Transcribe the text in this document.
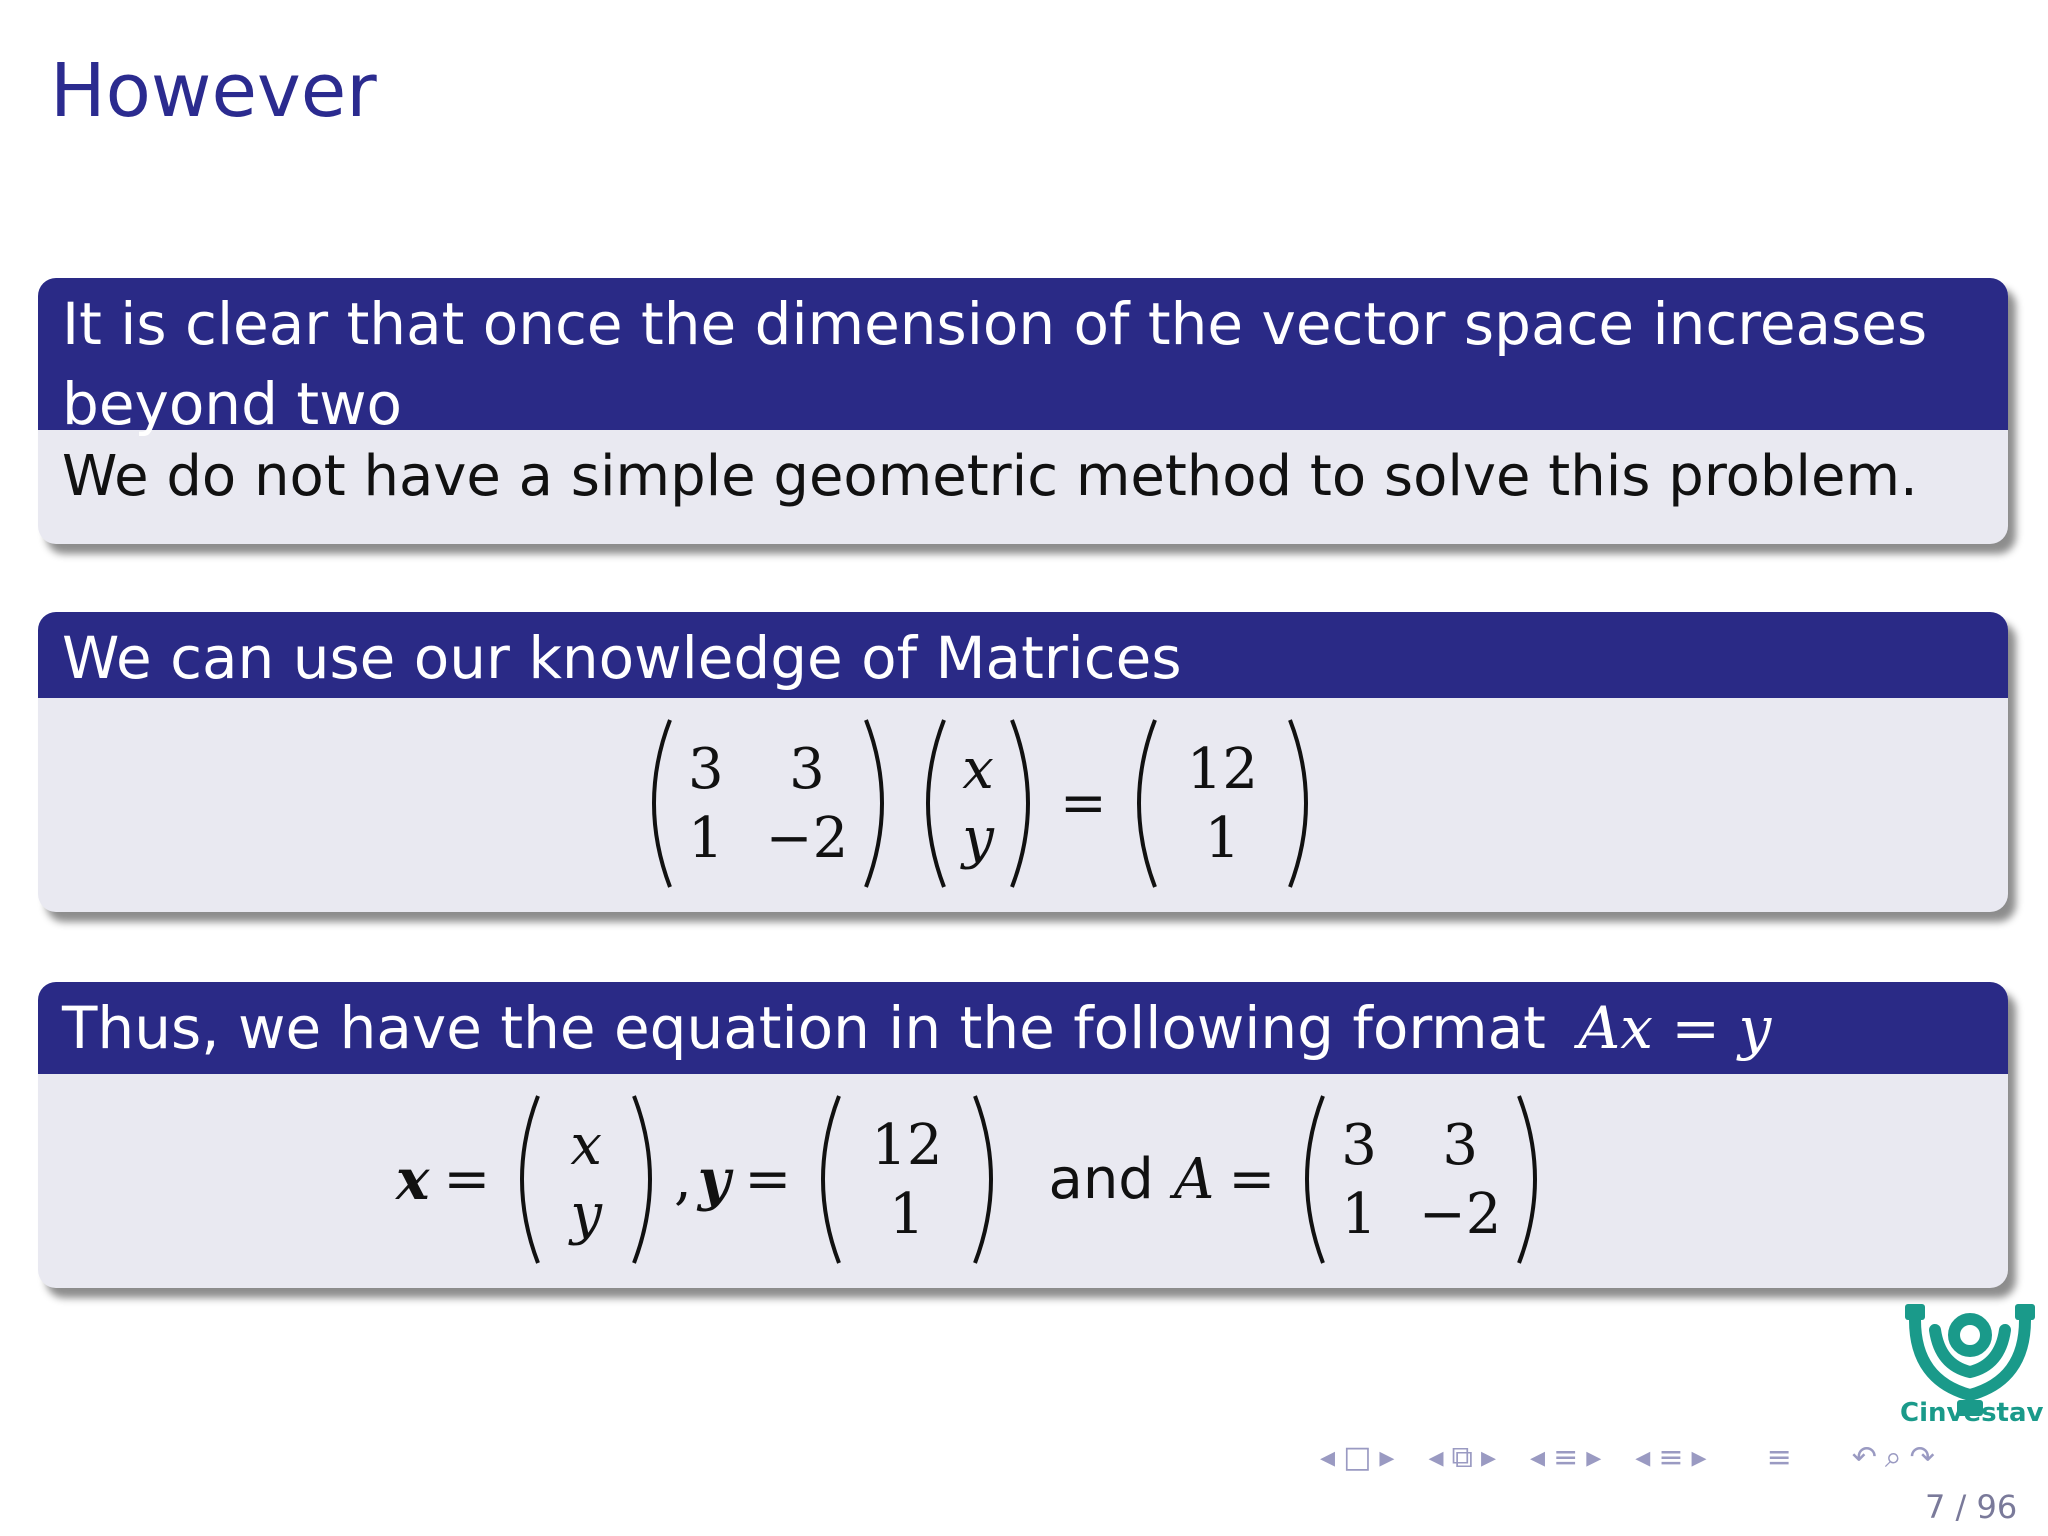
However
It is clear that once the dimension of the vector space increases beyond two
We do not have a simple geometric method to solve this problem.
We can use our knowledge of Matrices
3	3
1 −2
x
y
=
12
1
Thus, we have the equation in the following format Ax = y
x =
x
y
, y =
12
1
and A =
3	3
1 −2
Cinvestav
◂ □ ▸ ◂ ⧉ ▸ ◂ ≡ ▸ ◂ ≡ ▸ ≡ ↶ ⌕ ↷
7 / 96
